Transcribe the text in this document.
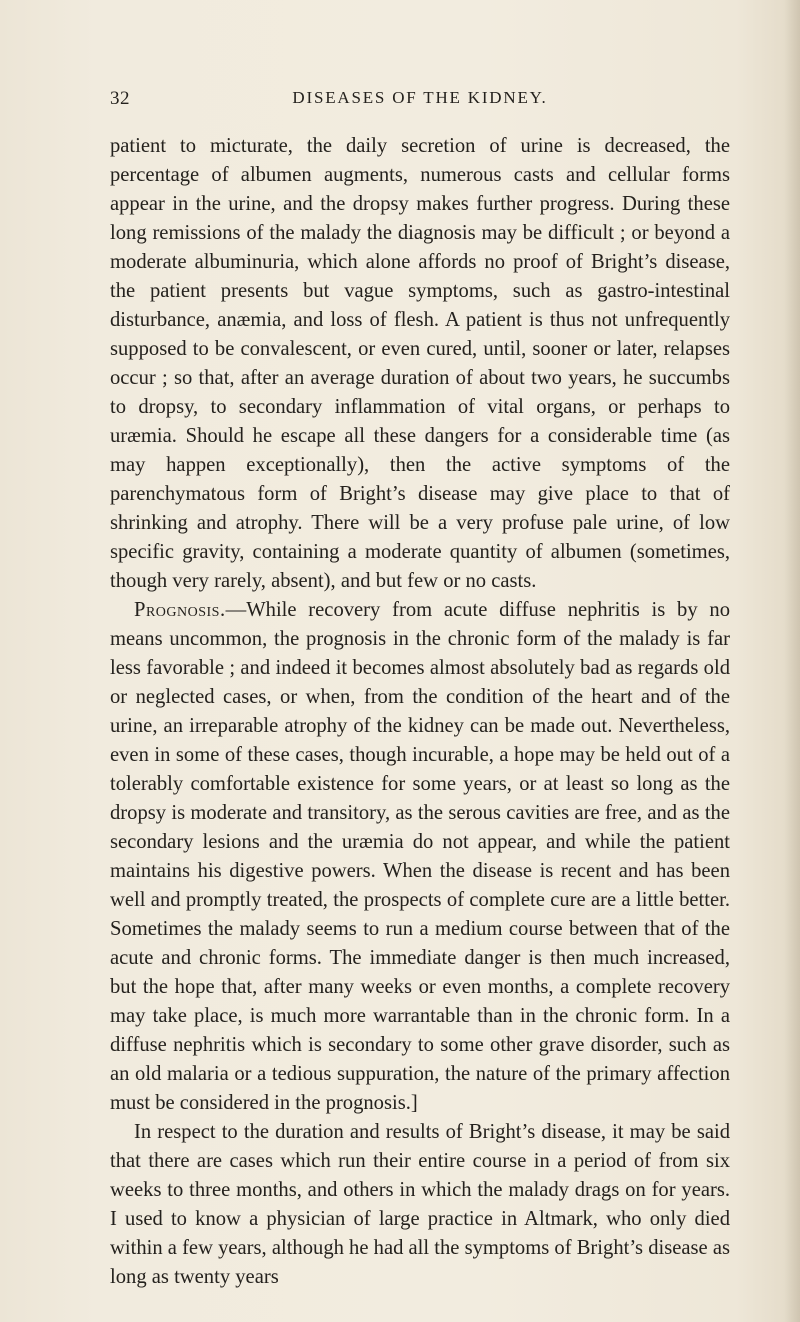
32	DISEASES OF THE KIDNEY.

patient to micturate, the daily secretion of urine is decreased, the percentage of albumen augments, numerous casts and cellular forms appear in the urine, and the dropsy makes further progress. During these long remissions of the malady the diagnosis may be difficult ; or beyond a moderate albuminuria, which alone affords no proof of Bright’s disease, the patient presents but vague symptoms, such as gastro-intestinal disturbance, anæmia, and loss of flesh. A patient is thus not unfrequently supposed to be convalescent, or even cured, until, sooner or later, relapses occur ; so that, after an average duration of about two years, he succumbs to dropsy, to secondary inflammation of vital organs, or perhaps to uræmia. Should he escape all these dangers for a considerable time (as may happen exceptionally), then the active symptoms of the parenchymatous form of Bright’s disease may give place to that of shrinking and atrophy. There will be a very profuse pale urine, of low specific gravity, containing a moderate quantity of albumen (sometimes, though very rarely, absent), and but few or no casts.

Prognosis.—While recovery from acute diffuse nephritis is by no means uncommon, the prognosis in the chronic form of the malady is far less favorable ; and indeed it becomes almost absolutely bad as regards old or neglected cases, or when, from the condition of the heart and of the urine, an irreparable atrophy of the kidney can be made out. Nevertheless, even in some of these cases, though incurable, a hope may be held out of a tolerably comfortable existence for some years, or at least so long as the dropsy is moderate and transitory, as the serous cavities are free, and as the secondary lesions and the uræmia do not appear, and while the patient maintains his digestive powers. When the disease is recent and has been well and promptly treated, the prospects of complete cure are a little better. Sometimes the malady seems to run a medium course between that of the acute and chronic forms. The immediate danger is then much increased, but the hope that, after many weeks or even months, a complete recovery may take place, is much more warrantable than in the chronic form. In a diffuse nephritis which is secondary to some other grave disorder, such as an old malaria or a tedious suppuration, the nature of the primary affection must be considered in the prognosis.]

In respect to the duration and results of Bright’s disease, it may be said that there are cases which run their entire course in a period of from six weeks to three months, and others in which the malady drags on for years. I used to know a physician of large practice in Altmark, who only died within a few years, although he had all the symptoms of Bright’s disease as long as twenty years
